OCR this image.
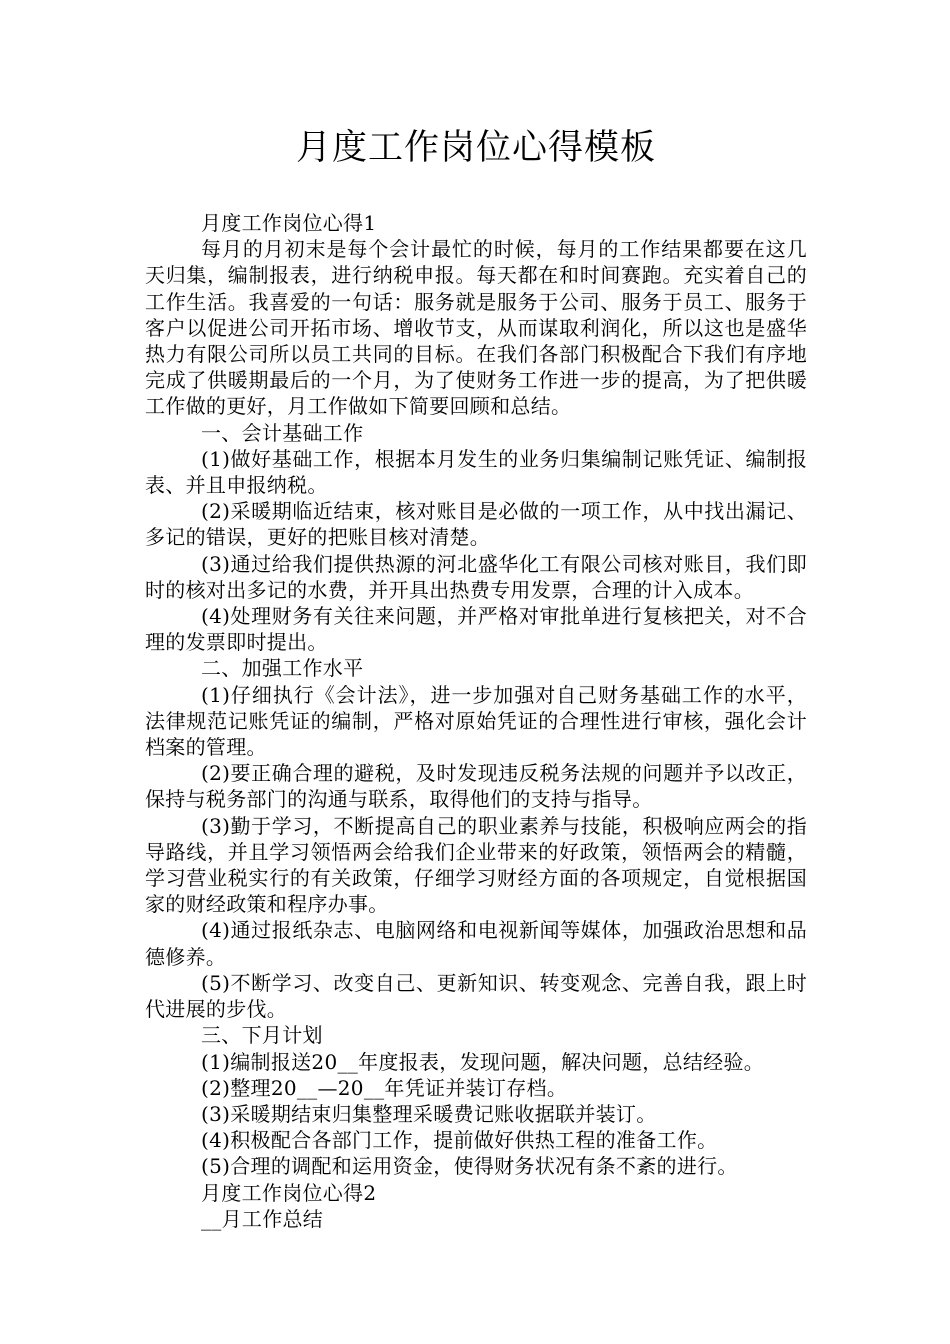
月度工作岗位心得模板

月度工作岗位心得1

每月的月初末是每个会计最忙的时候，每月的工作结果都要在这几天归集，编制报表，进行纳税申报。每天都在和时间赛跑。充实着自己的工作生活。我喜爱的一句话：服务就是服务于公司、服务于员工、服务于客户以促进公司开拓市场、增收节支，从而谋取利润化，所以这也是盛华热力有限公司所以员工共同的目标。在我们各部门积极配合下我们有序地完成了供暖期最后的一个月，为了使财务工作进一步的提高，为了把供暖工作做的更好，月工作做如下简要回顾和总结。

一、会计基础工作

(1)做好基础工作，根据本月发生的业务归集编制记账凭证、编制报表、并且申报纳税。

(2)采暖期临近结束，核对账目是必做的一项工作，从中找出漏记、多记的错误，更好的把账目核对清楚。

(3)通过给我们提供热源的河北盛华化工有限公司核对账目，我们即时的核对出多记的水费，并开具出热费专用发票，合理的计入成本。

(4)处理财务有关往来问题，并严格对审批单进行复核把关，对不合理的发票即时提出。

二、加强工作水平

(1)仔细执行《会计法》，进一步加强对自己财务基础工作的水平，法律规范记账凭证的编制，严格对原始凭证的合理性进行审核，强化会计档案的管理。

(2)要正确合理的避税，及时发现违反税务法规的问题并予以改正，保持与税务部门的沟通与联系，取得他们的支持与指导。

(3)勤于学习，不断提高自己的职业素养与技能，积极响应两会的指导路线，并且学习领悟两会给我们企业带来的好政策，领悟两会的精髓，学习营业税实行的有关政策，仔细学习财经方面的各项规定，自觉根据国家的财经政策和程序办事。

(4)通过报纸杂志、电脑网络和电视新闻等媒体，加强政治思想和品德修养。

(5)不断学习、改变自己、更新知识、转变观念、完善自我，跟上时代进展的步伐。

三、下月计划

(1)编制报送20__年度报表，发现问题，解决问题，总结经验。

(2)整理20__—20__年凭证并装订存档。

(3)采暖期结束归集整理采暖费记账收据联并装订。

(4)积极配合各部门工作，提前做好供热工程的准备工作。

(5)合理的调配和运用资金，使得财务状况有条不紊的进行。

月度工作岗位心得2

__月工作总结
